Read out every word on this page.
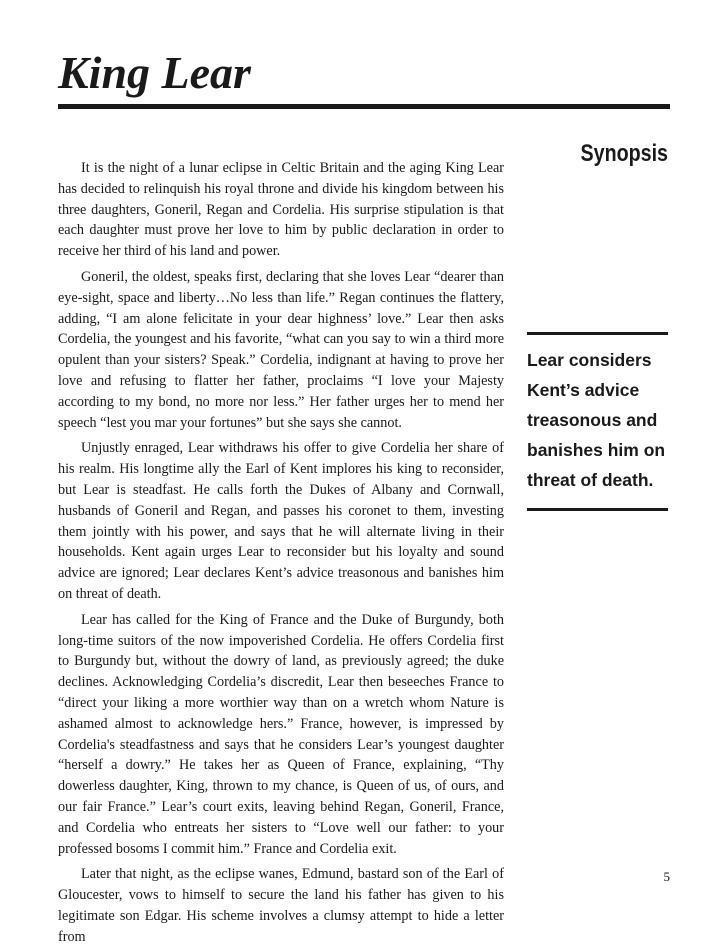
King Lear
Synopsis

It is the night of a lunar eclipse in Celtic Britain and the aging King Lear has decided to relinquish his royal throne and divide his kingdom between his three daughters, Goneril, Regan and Cordelia. His surprise stipulation is that each daughter must prove her love to him by public declaration in order to receive her third of his land and power.

Goneril, the oldest, speaks first, declaring that she loves Lear “dearer than eye-sight, space and liberty…No less than life.” Regan continues the flattery, adding, “I am alone felicitate in your dear highness’ love.” Lear then asks Cordelia, the youngest and his favorite, “what can you say to win a third more opulent than your sisters? Speak.” Cordelia, indignant at having to prove her love and refusing to flatter her father, proclaims “I love your Majesty according to my bond, no more nor less.” Her father urges her to mend her speech “lest you mar your fortunes” but she says she cannot.

Unjustly enraged, Lear withdraws his offer to give Cordelia her share of his realm. His longtime ally the Earl of Kent implores his king to reconsider, but Lear is steadfast. He calls forth the Dukes of Albany and Cornwall, husbands of Goneril and Regan, and passes his coronet to them, investing them jointly with his power, and says that he will alternate living in their households. Kent again urges Lear to reconsider but his loyalty and sound advice are ignored; Lear declares Kent’s advice treasonous and banishes him on threat of death.

Lear has called for the King of France and the Duke of Burgundy, both long-time suitors of the now impoverished Cordelia. He offers Cordelia first to Burgundy but, without the dowry of land, as previously agreed; the duke declines. Acknowledging Cordelia’s discredit, Lear then beseeches France to “direct your liking a more worthier way than on a wretch whom Nature is ashamed almost to acknowledge hers.” France, however, is impressed by Cordelia's steadfastness and says that he considers Lear’s youngest daughter “herself a dowry.” He takes her as Queen of France, explaining, “Thy dowerless daughter, King, thrown to my chance, is Queen of us, of ours, and our fair France.” Lear’s court exits, leaving behind Regan, Goneril, France, and Cordelia who entreats her sisters to “Love well our father: to your professed bosoms I commit him.” France and Cordelia exit.

Later that night, as the eclipse wanes, Edmund, bastard son of the Earl of Gloucester, vows to himself to secure the land his father has given to his legitimate son Edgar. His scheme involves a clumsy attempt to hide a letter from

Lear considers
Kent’s advice
treasonous and
banishes him on
threat of death.
5
